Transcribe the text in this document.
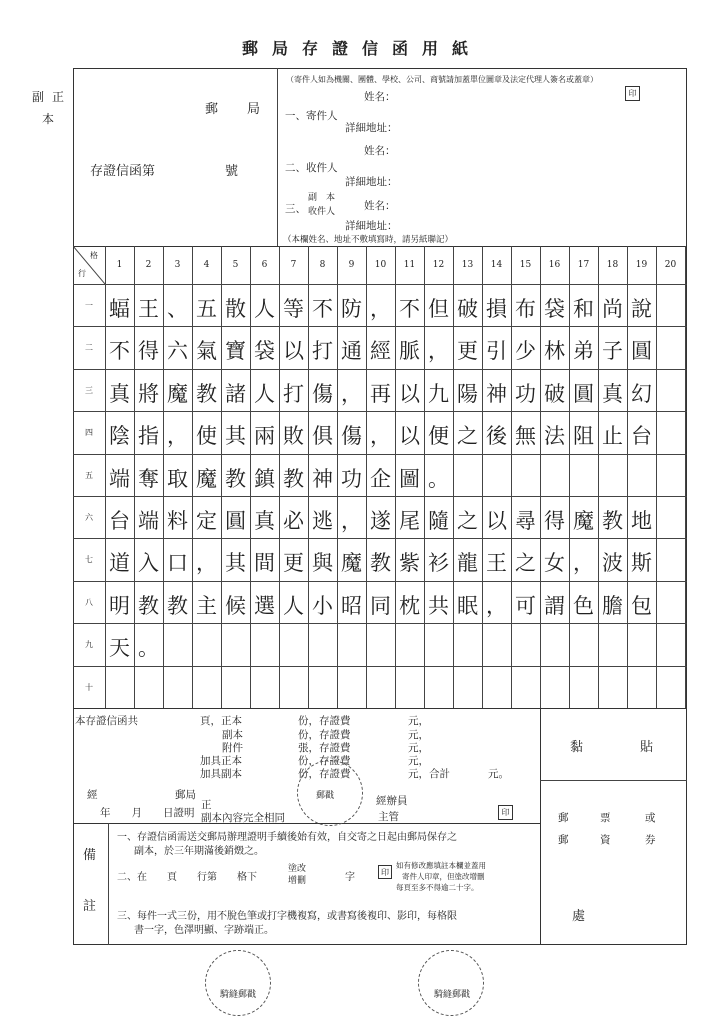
郵局存證信函用紙
副 正
本
郵　局
存證信函第	號
（寄件人如為機關、團體、學校、公司、商號請加蓋單位圖章及法定代理人簽名或蓋章）
姓名：	印
一、寄件人
詳細地址：
姓名：
二、收件人
詳細地址：
三、
副　本
收件人	姓名：
詳細地址：
（本欄姓名、地址不敷填寫時，請另紙聯記）
格
行
1	2	3	4	5	6	7	8	9	10	11	12	13	14	15	16	17	18	19	20
一 蝠 王 、 五 散 人 等 不 防 ， 不 但 破 損 布 袋 和 尚 說
二 不 得 六 氣 寶 袋 以 打 通 經 脈 ， 更 引 少 林 弟 子 圓
三 真 將 魔 教 諸 人 打 傷 ， 再 以 九 陽 神 功 破 圓 真 幻
四 陰 指 ， 使 其 兩 敗 俱 傷 ， 以 便 之 後 無 法 阻 止 台
五 端 奪 取 魔 教 鎮 教 神 功 企 圖 。
六 台 端 料 定 圓 真 必 逃 ， 遂 尾 隨 之 以 尋 得 魔 教 地
七 道 入 口 ， 其 間 更 與 魔 教 紫 衫 龍 王 之 女 ， 波 斯
八 明 教 教 主 候 選 人 小 昭 同 枕 共 眠 ， 可 謂 色 膽 包
九 天 。
十
本存證信函共	頁，正本	份，存證費	元，
副本	份，存證費	元，
附件	張，存證費	元，
加具正本	份，存證費	元，
加具副本	份，存證費	元，合計	元。
經	郵局
年　　月　　日證明
正
副本內容完全相同
郵戳	經辦員
主管	印
黏	貼
郵	票	或
郵	資	券
處
備
註
一、存證信函需送交郵局辦理證明手續後始有效，自交寄之日起由郵局保存之
副本，於三年期滿後銷燬之。
二、在　　頁　　行第　　格下
塗改
增刪	字	印
如有修改應填註本欄並蓋用
寄件人印章，但塗改增刪
每頁至多不得逾二十字。
三、每件一式三份，用不脫色筆或打字機複寫，或書寫後複印、影印，每格限
書一字，色澤明顯、字跡端正。
騎縫郵戳	騎縫郵戳
